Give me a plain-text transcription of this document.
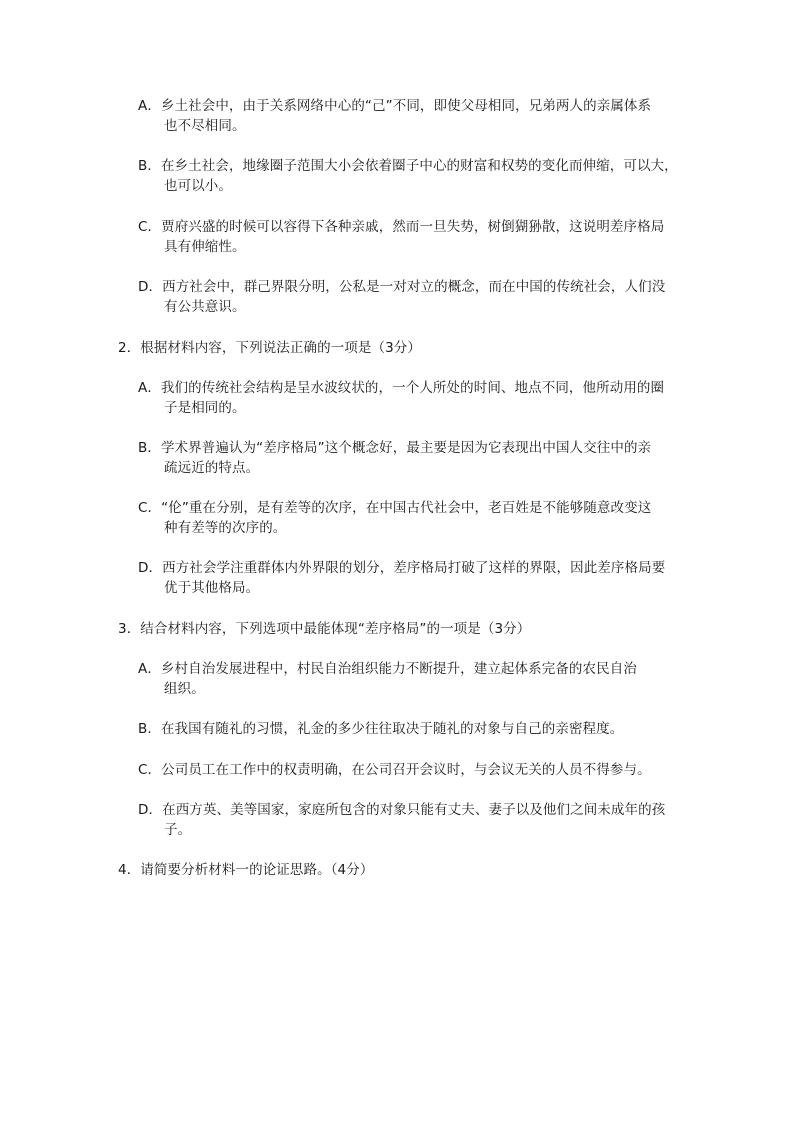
A．乡土社会中，由于关系网络中心的“己”不同，即使父母相同，兄弟两人的亲属体系
也不尽相同。
B．在乡土社会，地缘圈子范围大小会依着圈子中心的财富和权势的变化而伸缩，可以大，
也可以小。
C．贾府兴盛的时候可以容得下各种亲戚，然而一旦失势，树倒猢狲散，这说明差序格局
具有伸缩性。
D．西方社会中，群己界限分明，公私是一对对立的概念，而在中国的传统社会，人们没
有公共意识。
2．根据材料内容，下列说法正确的一项是（3分）
A．我们的传统社会结构是呈水波纹状的，一个人所处的时间、地点不同，他所动用的圈
子是相同的。
B．学术界普遍认为“差序格局”这个概念好，最主要是因为它表现出中国人交往中的亲
疏远近的特点。
C．“伦”重在分别，是有差等的次序，在中国古代社会中，老百姓是不能够随意改变这
种有差等的次序的。
D．西方社会学注重群体内外界限的划分，差序格局打破了这样的界限，因此差序格局要
优于其他格局。
3．结合材料内容，下列选项中最能体现“差序格局”的一项是（3分）
A．乡村自治发展进程中，村民自治组织能力不断提升，建立起体系完备的农民自治
组织。
B．在我国有随礼的习惯，礼金的多少往往取决于随礼的对象与自己的亲密程度。
C．公司员工在工作中的权责明确，在公司召开会议时，与会议无关的人员不得参与。
D．在西方英、美等国家，家庭所包含的对象只能有丈夫、妻子以及他们之间未成年的孩
子。
4．请简要分析材料一的论证思路。（4分）
